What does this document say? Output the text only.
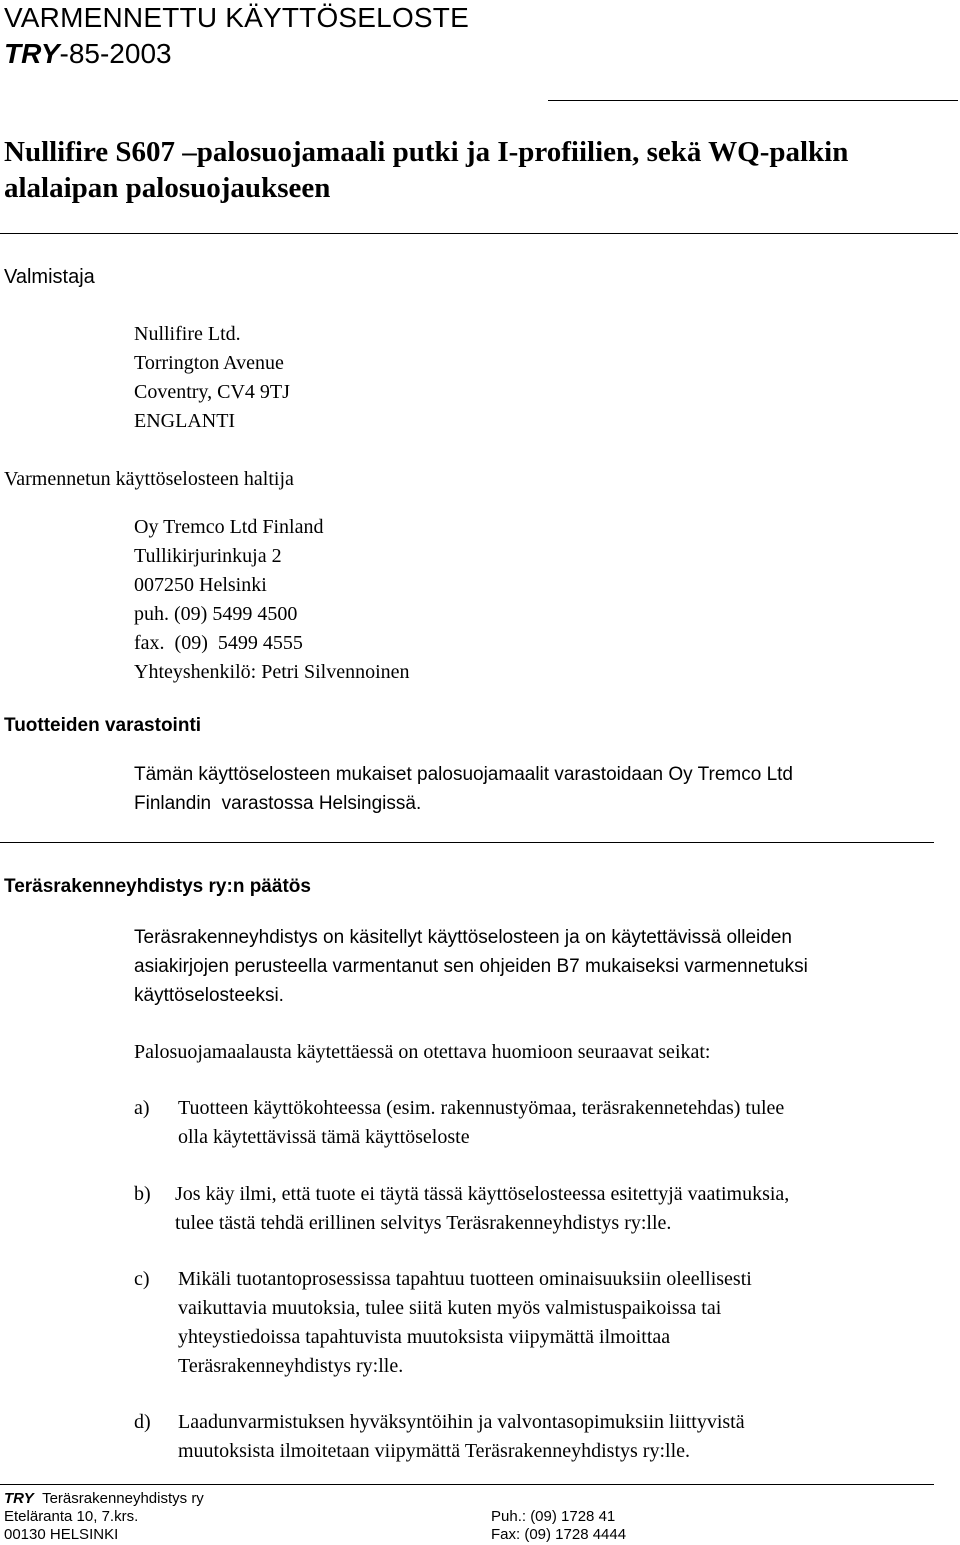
VARMENNETTU KÄYTTÖSELOSTE
TRY-85-2003
Nullifire S607 –palosuojamaali putki ja I-profiilien, sekä WQ-palkin
alalaipan palosuojaukseen
Valmistaja
Nullifire Ltd.
Torrington Avenue
Coventry, CV4 9TJ
ENGLANTI
Varmennetun käyttöselosteen haltija
Oy Tremco Ltd Finland
Tullikirjurinkuja 2
007250 Helsinki
puh. (09) 5499 4500
fax.  (09)  5499 4555
Yhteyshenkilö: Petri Silvennoinen
Tuotteiden varastointi
Tämän käyttöselosteen mukaiset palosuojamaalit varastoidaan Oy Tremco Ltd
Finlandin  varastossa Helsingissä.
Teräsrakenneyhdistys ry:n päätös
Teräsrakenneyhdistys on käsitellyt käyttöselosteen ja on käytettävissä olleiden
asiakirjojen perusteella varmentanut sen ohjeiden B7 mukaiseksi varmennetuksi
käyttöselosteeksi.
Palosuojamaalausta käytettäessä on otettava huomioon seuraavat seikat:
a) Tuotteen käyttökohteessa (esim. rakennustyömaa, teräsrakennetehdas) tulee
olla käytettävissä tämä käyttöseloste
b) Jos käy ilmi, että tuote ei täytä tässä käyttöselosteessa esitettyjä vaatimuksia,
tulee tästä tehdä erillinen selvitys Teräsrakenneyhdistys ry:lle.
c) Mikäli tuotantoprosessissa tapahtuu tuotteen ominaisuuksiin oleellisesti
vaikuttavia muutoksia, tulee siitä kuten myös valmistuspaikoissa tai
yhteystiedoissa tapahtuvista muutoksista viipymättä ilmoittaa
Teräsrakenneyhdistys ry:lle.
d) Laadunvarmistuksen hyväksyntöihin ja valvontasopimuksiin liittyvistä
muutoksista ilmoitetaan viipymättä Teräsrakenneyhdistys ry:lle.
TRY Teräsrakenneyhdistys ry
Eteläranta 10, 7.krs.
00130 HELSINKI
Puh.: (09) 1728 41
Fax: (09) 1728 4444
